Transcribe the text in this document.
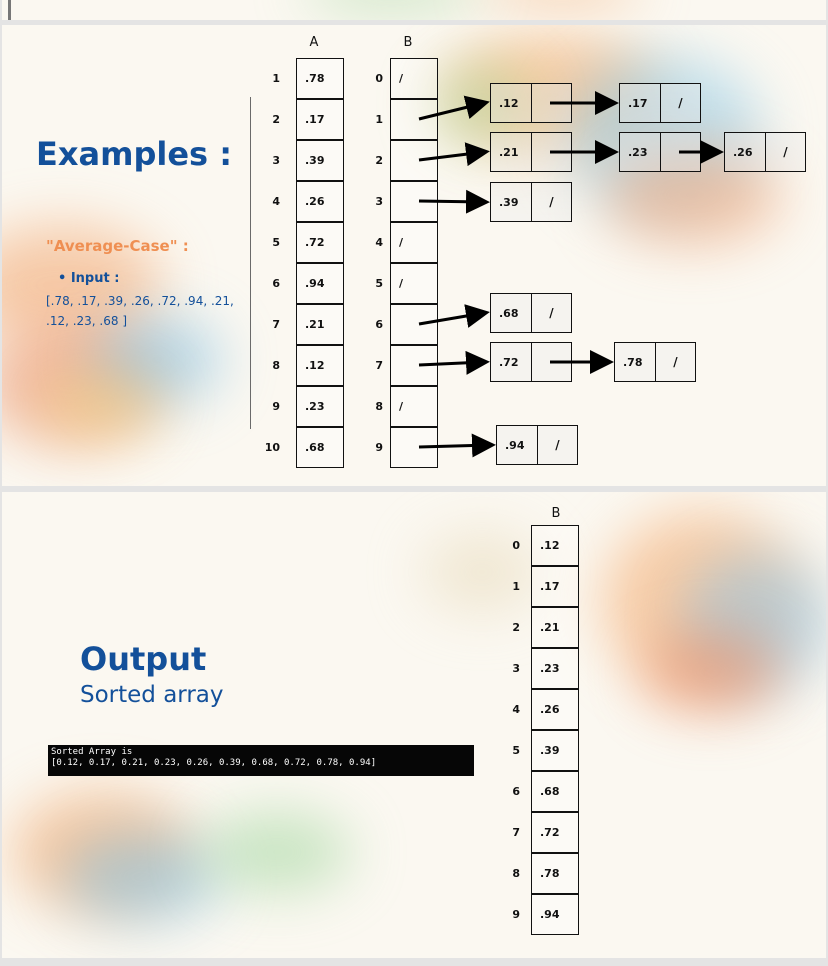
Examples :
"Average-Case" :
• Input :
[.78, .17, .39, .26, .72, .94, .21, .12, .23, .68 ]
A	B
1	.78
2	.17
3	.39
4	.26
5	.72
6	.94
7	.21
8	.12
9	.23
10	.68
0	/
1
2
3
4	/
5	/
6
7
8	/
9
.12	.17	/
.21	.23	.26	/
.39	/
.68	/
.72	.78	/
.94	/
Output
Sorted array
Sorted Array is
[0.12, 0.17, 0.21, 0.23, 0.26, 0.39, 0.68, 0.72, 0.78, 0.94]
B
0	.12
1	.17
2	.21
3	.23
4	.26
5	.39
6	.68
7	.72
8	.78
9	.94
